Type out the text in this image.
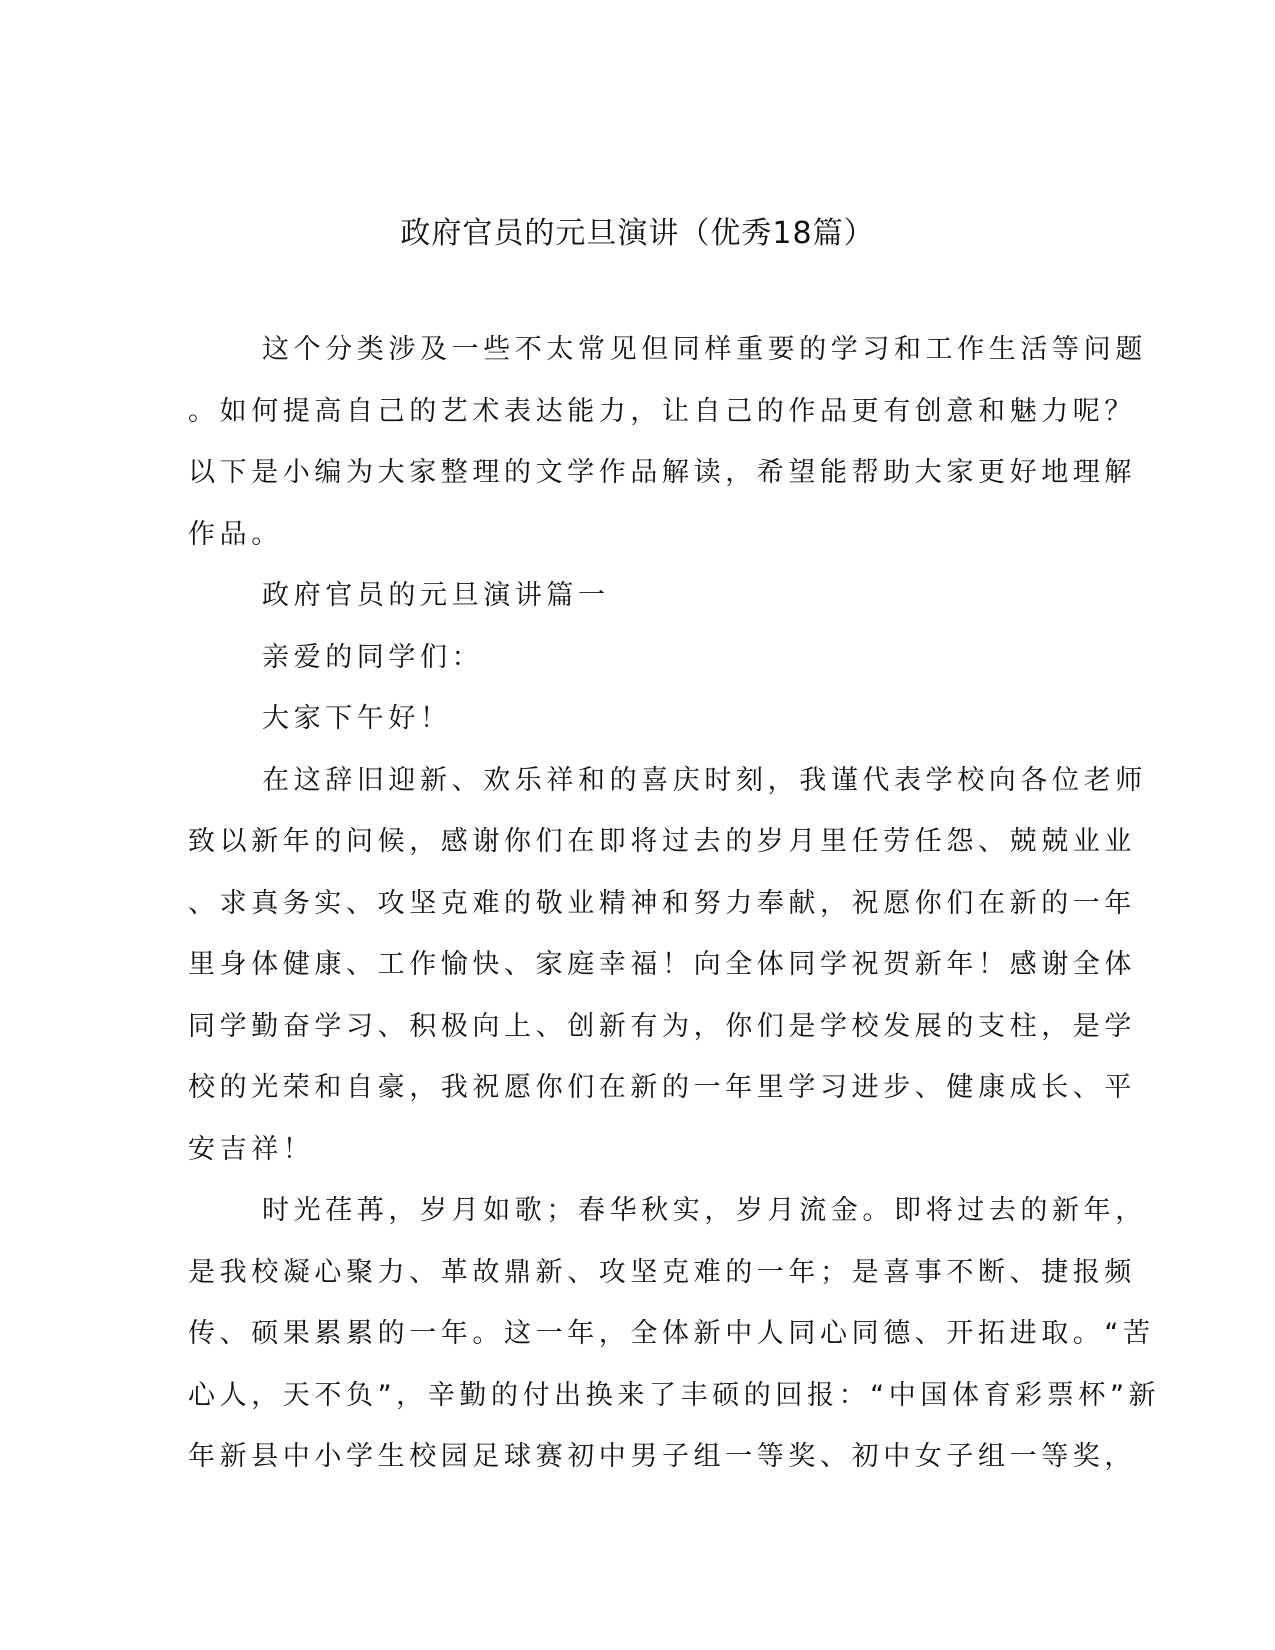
政府官员的元旦演讲（优秀18篇）
这个分类涉及一些不太常见但同样重要的学习和工作生活等问题
。如何提高自己的艺术表达能力，让自己的作品更有创意和魅力呢？
以下是小编为大家整理的文学作品解读，希望能帮助大家更好地理解
作品。
政府官员的元旦演讲篇一
亲爱的同学们：
大家下午好！
在这辞旧迎新、欢乐祥和的喜庆时刻，我谨代表学校向各位老师
致以新年的问候，感谢你们在即将过去的岁月里任劳任怨、兢兢业业
、求真务实、攻坚克难的敬业精神和努力奉献，祝愿你们在新的一年
里身体健康、工作愉快、家庭幸福！向全体同学祝贺新年！感谢全体
同学勤奋学习、积极向上、创新有为，你们是学校发展的支柱，是学
校的光荣和自豪，我祝愿你们在新的一年里学习进步、健康成长、平
安吉祥！
时光荏苒，岁月如歌；春华秋实，岁月流金。即将过去的新年，
是我校凝心聚力、革故鼎新、攻坚克难的一年；是喜事不断、捷报频
传、硕果累累的一年。这一年，全体新中人同心同德、开拓进取。“苦
心人，天不负”，辛勤的付出换来了丰硕的回报：“中国体育彩票杯”新
年新县中小学生校园足球赛初中男子组一等奖、初中女子组一等奖，
